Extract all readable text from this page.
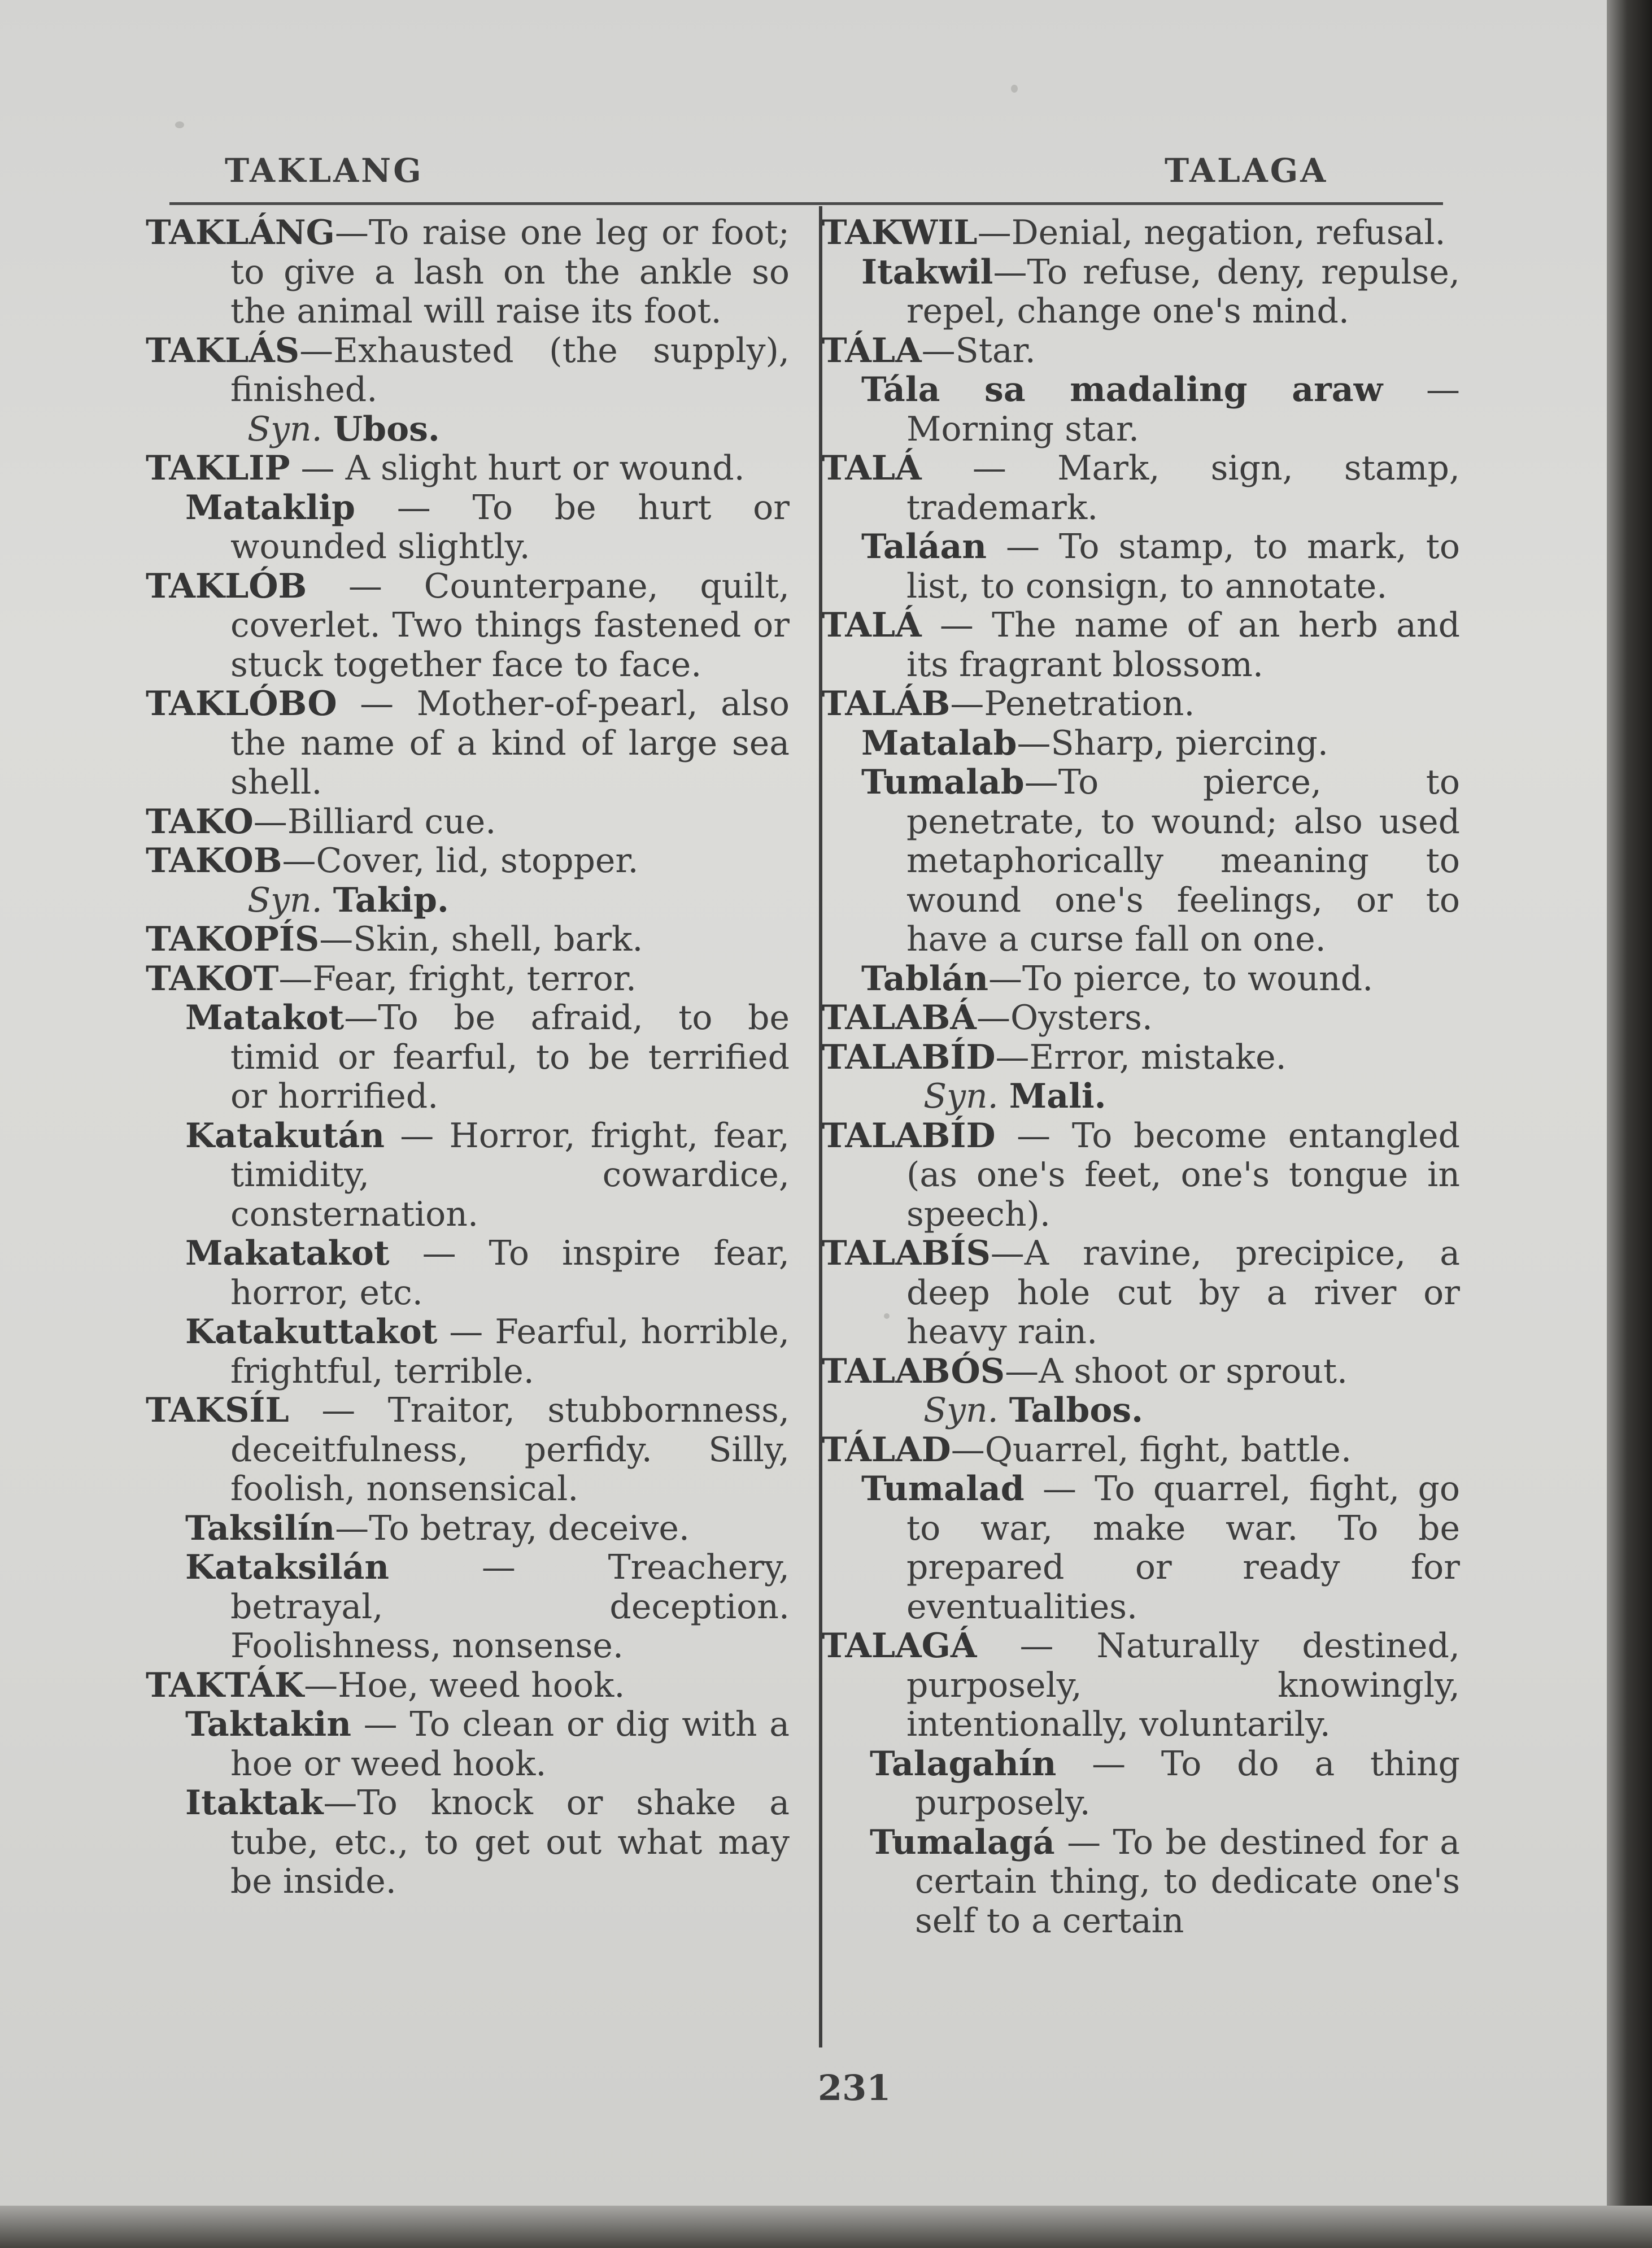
TAKLANG	TALAGA

TAKLÁNG—To raise one leg or foot; to give a lash on the ankle so the animal will raise its foot.

TAKLÁS—Exhausted (the supply), finished.

Syn. Ubos.

TAKLIP — A slight hurt or wound.

Mataklip — To be hurt or wounded slightly.

TAKLÓB — Counterpane, quilt, coverlet. Two things fastened or stuck together face to face.

TAKLÓBO — Mother-of-pearl, also the name of a kind of large sea shell.

TAKO—Billiard cue.

TAKOB—Cover, lid, stopper.

Syn. Takip.

TAKOPÍS—Skin, shell, bark.

TAKOT—Fear, fright, terror.

Matakot—To be afraid, to be timid or fearful, to be terrified or horrified.

Katakután — Horror, fright, fear, timidity, cowardice, consternation.

Makatakot — To inspire fear, horror, etc.

Katakuttakot — Fearful, horrible, frightful, terrible.

TAKSÍL — Traitor, stubbornness, deceitfulness, perfidy. Silly, foolish, nonsensical.

Taksilín—To betray, deceive.

Kataksilán — Treachery, betrayal, deception. Foolishness, nonsense.

TAKTÁK—Hoe, weed hook.

Taktakin — To clean or dig with a hoe or weed hook.

Itaktak—To knock or shake a tube, etc., to get out what may be inside.

TAKWIL—Denial, negation, refusal.

Itakwil—To refuse, deny, repulse, repel, change one's mind.

TÁLA—Star.

Tála sa madaling araw — Morning star.

TALÁ — Mark, sign, stamp, trademark.

Taláan — To stamp, to mark, to list, to consign, to annotate.

TALÁ — The name of an herb and its fragrant blossom.

TALÁB—Penetration.

Matalab—Sharp, piercing.

Tumalab—To pierce, to penetrate, to wound; also used metaphorically meaning to wound one's feelings, or to have a curse fall on one.

Tablán—To pierce, to wound.

TALABÁ—Oysters.

TALABÍD—Error, mistake.

Syn. Mali.

TALABÍD — To become entangled (as one's feet, one's tongue in speech).

TALABÍS—A ravine, precipice, a deep hole cut by a river or heavy rain.

TALABÓS—A shoot or sprout.

Syn. Talbos.

TÁLAD—Quarrel, fight, battle.

Tumalad — To quarrel, fight, go to war, make war. To be prepared or ready for eventualities.

TALAGÁ — Naturally destined, purposely, knowingly, intentionally, voluntarily.

Talagahín — To do a thing purposely.

Tumalagá — To be destined for a certain thing, to dedicate one's self to a certain

231
